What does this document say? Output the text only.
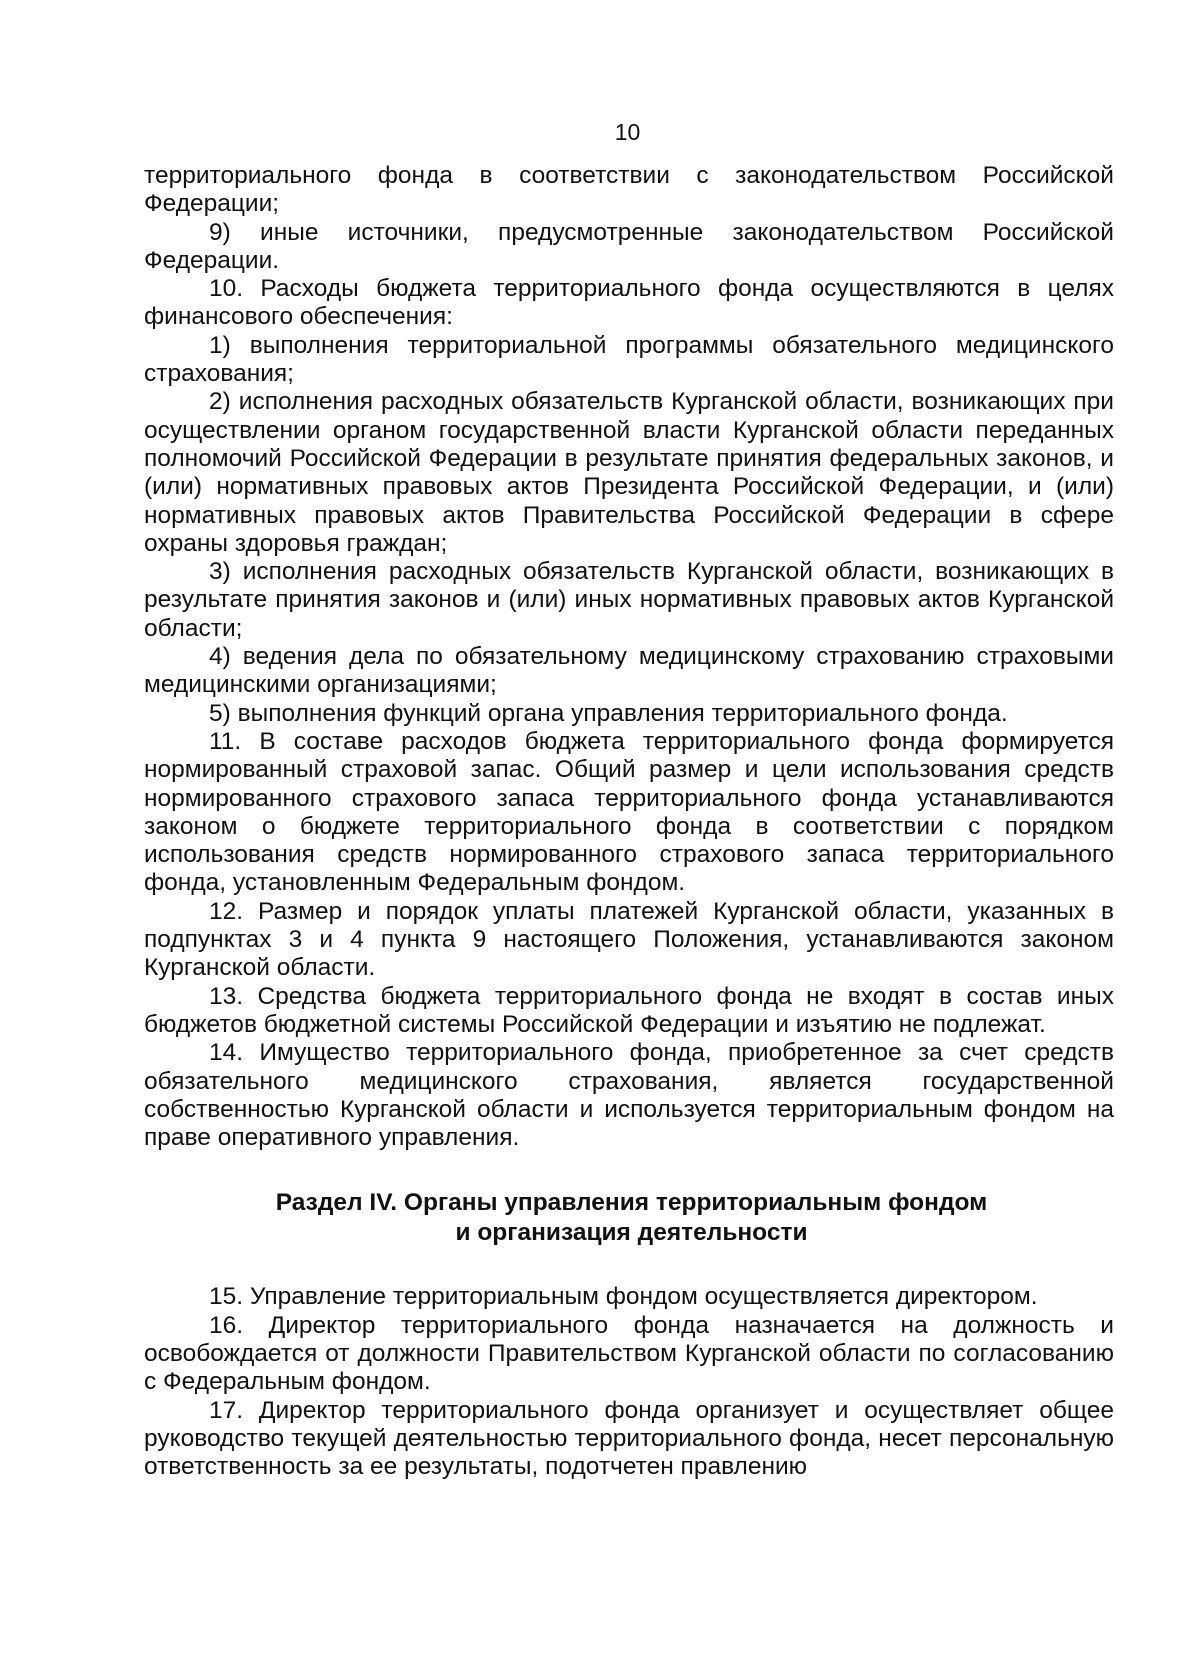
10

территориального фонда в соответствии с законодательством Российской Федерации;

9) иные источники, предусмотренные законодательством Российской Федерации.

10. Расходы бюджета территориального фонда осуществляются в целях финансового обеспечения:

1) выполнения территориальной программы обязательного медицинского страхования;

2) исполнения расходных обязательств Курганской области, возникающих при осуществлении органом государственной власти Курганской области переданных полномочий Российской Федерации в результате принятия федеральных законов, и (или) нормативных правовых актов Президента Российской Федерации, и (или) нормативных правовых актов Правительства Российской Федерации в сфере охраны здоровья граждан;

3) исполнения расходных обязательств Курганской области, возникающих в результате принятия законов и (или) иных нормативных правовых актов Курганской области;

4) ведения дела по обязательному медицинскому страхованию страховыми медицинскими организациями;

5) выполнения функций органа управления территориального фонда.

11. В составе расходов бюджета территориального фонда формируется нормированный страховой запас. Общий размер и цели использования средств нормированного страхового запаса территориального фонда устанавливаются законом о бюджете территориального фонда в соответствии с порядком использования средств нормированного страхового запаса территориального фонда, установленным Федеральным фондом.

12. Размер и порядок уплаты платежей Курганской области, указанных в подпунктах 3 и 4 пункта 9 настоящего Положения, устанавливаются законом Курганской области.

13. Средства бюджета территориального фонда не входят в состав иных бюджетов бюджетной системы Российской Федерации и изъятию не подлежат.

14. Имущество территориального фонда, приобретенное за счет средств обязательного медицинского страхования, является государственной собственностью Курганской области и используется территориальным фондом на праве оперативного управления.

Раздел IV. Органы управления территориальным фондом
и организация деятельности

15. Управление территориальным фондом осуществляется директором.

16. Директор территориального фонда назначается на должность и освобождается от должности Правительством Курганской области по согласованию с Федеральным фондом.

17. Директор территориального фонда организует и осуществляет общее руководство текущей деятельностью территориального фонда, несет персональную ответственность за ее результаты, подотчетен правлению
